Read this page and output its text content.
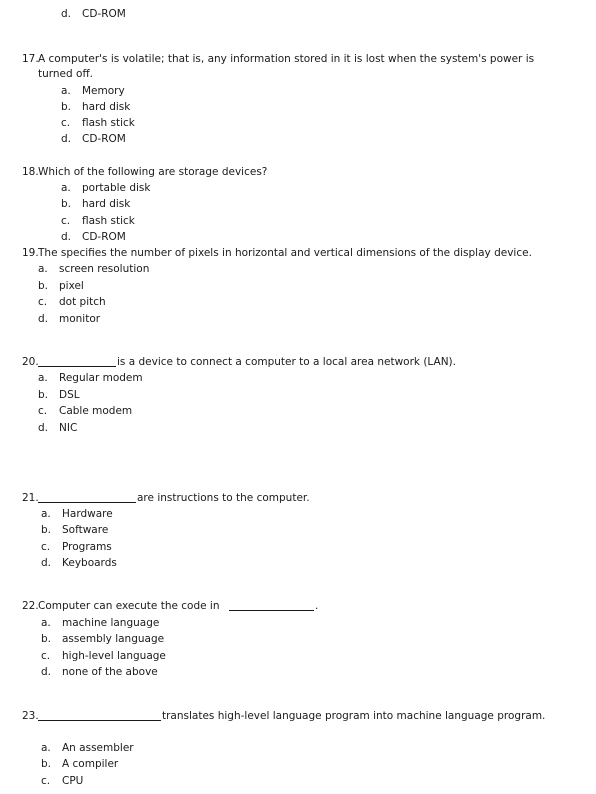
d. CD-ROM
17. A computer's is volatile; that is, any information stored in it is lost when the system's power is
turned off.
a. Memory
b. hard disk
c. flash stick
d. CD-ROM
18. Which of the following are storage devices?
a. portable disk
b. hard disk
c. flash stick
d. CD-ROM
19. The specifies the number of pixels in horizontal and vertical dimensions of the display device.
a. screen resolution
b. pixel
c. dot pitch
d. monitor
20.	is a device to connect a computer to a local area network (LAN).
a. Regular modem
b. DSL
c. Cable modem
d. NIC
21.	are instructions to the computer.
a. Hardware
b. Software
c. Programs
d. Keyboards
22. Computer can execute the code in	.
a. machine language
b. assembly language
c. high-level language
d. none of the above
23.	translates high-level language program into machine language program.
a. An assembler
b. A compiler
c. CPU
